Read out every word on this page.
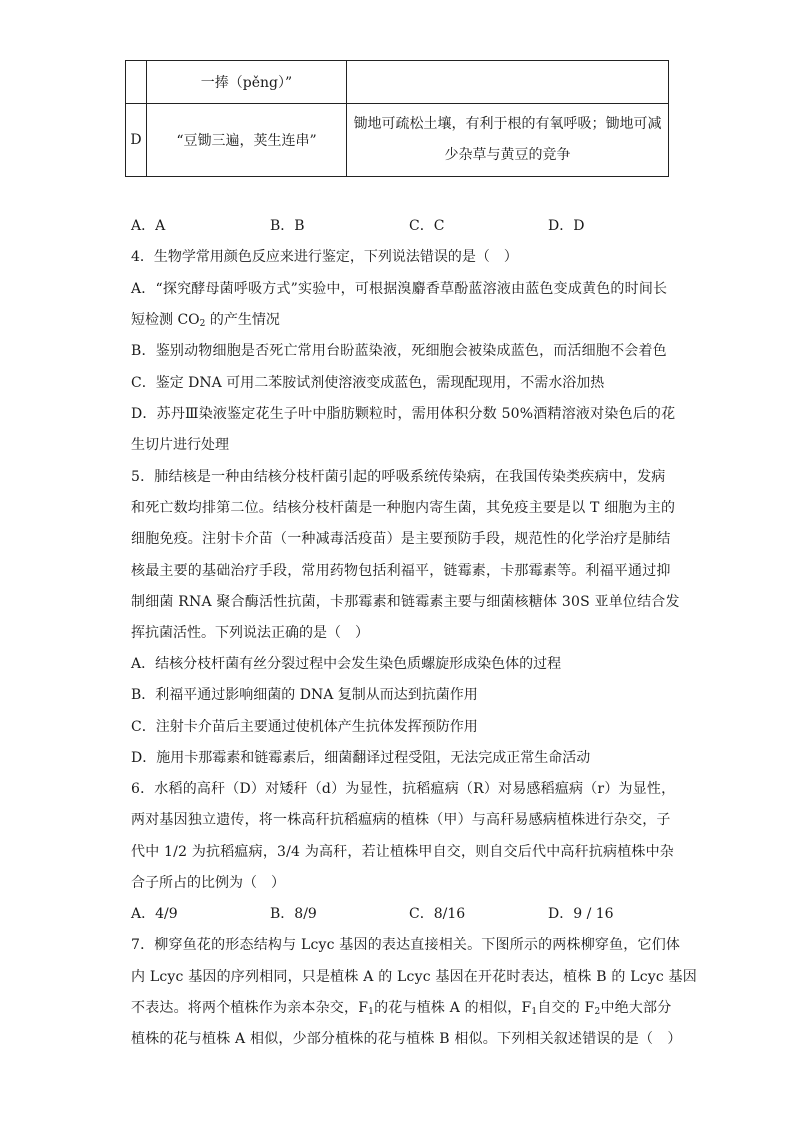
	一捧（pěng）”	
D	“豆锄三遍，荚生连串”	锄地可疏松土壤，有利于根的有氧呼吸；锄地可减
少杂草与黄豆的竞争
A．A	B．B	C．C	D．D
4．生物学常用颜色反应来进行鉴定，下列说法错误的是（　）
A．“探究酵母菌呼吸方式”实验中，可根据溴麝香草酚蓝溶液由蓝色变成黄色的时间长
短检测 $CO_2$ 的产生情况
B．鉴别动物细胞是否死亡常用台盼蓝染液，死细胞会被染成蓝色，而活细胞不会着色
C．鉴定 DNA 可用二苯胺试剂使溶液变成蓝色，需现配现用，不需水浴加热
D．苏丹Ⅲ染液鉴定花生子叶中脂肪颗粒时，需用体积分数 50%酒精溶液对染色后的花
生切片进行处理
5．肺结核是一种由结核分枝杆菌引起的呼吸系统传染病，在我国传染类疾病中，发病
和死亡数均排第二位。结核分枝杆菌是一种胞内寄生菌，其免疫主要是以 T 细胞为主的
细胞免疫。注射卡介苗（一种减毒活疫苗）是主要预防手段，规范性的化学治疗是肺结
核最主要的基础治疗手段，常用药物包括利福平，链霉素，卡那霉素等。利福平通过抑
制细菌 RNA 聚合酶活性抗菌，卡那霉素和链霉素主要与细菌核糖体 30S 亚单位结合发
挥抗菌活性。下列说法正确的是（　）
A．结核分枝杆菌有丝分裂过程中会发生染色质螺旋形成染色体的过程
B．利福平通过影响细菌的 DNA 复制从而达到抗菌作用
C．注射卡介苗后主要通过使机体产生抗体发挥预防作用
D．施用卡那霉素和链霉素后，细菌翻译过程受阻，无法完成正常生命活动
6．水稻的高秆（D）对矮秆（d）为显性，抗稻瘟病（R）对易感稻瘟病（r）为显性，
两对基因独立遗传，将一株高秆抗稻瘟病的植株（甲）与高秆易感病植株进行杂交，子
代中 1/2 为抗稻瘟病，3/4 为高秆，若让植株甲自交，则自交后代中高秆抗病植株中杂
合子所占的比例为（　）
A．4/9	B．8/9	C．8/16	D．9 / 16
7．柳穿鱼花的形态结构与 Lcyc 基因的表达直接相关。下图所示的两株柳穿鱼，它们体
内 Lcyc 基因的序列相同，只是植株 A 的 Lcyc 基因在开花时表达，植株 B 的 Lcyc 基因
不表达。将两个植株作为亲本杂交，$F_1$的花与植株 A 的相似，$F_1$自交的 $F_2$中绝大部分
植株的花与植株 A 相似，少部分植株的花与植株 B 相似。下列相关叙述错误的是（　）
